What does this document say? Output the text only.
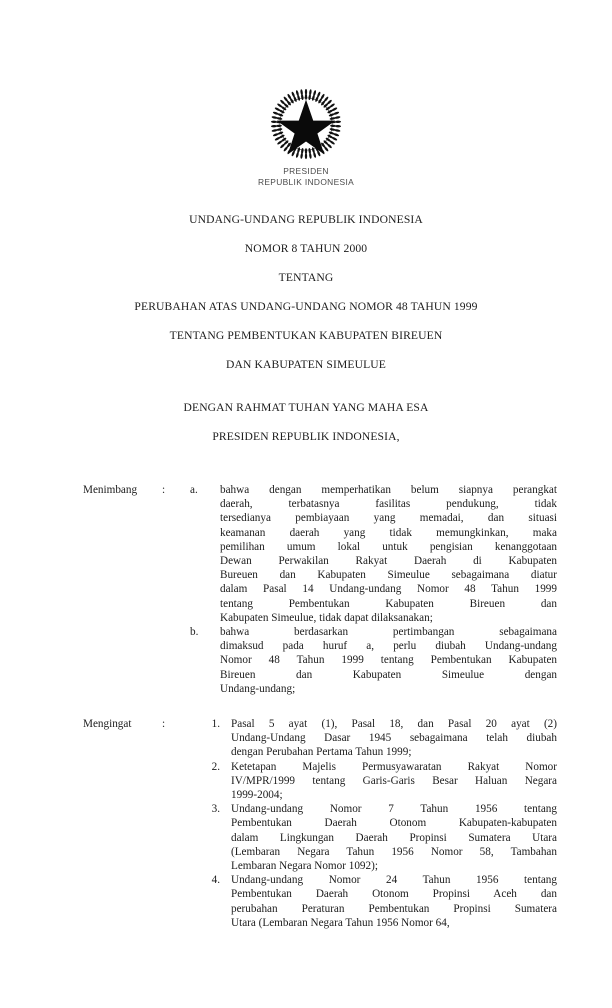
PRESIDEN
REPUBLIK INDONESIA
UNDANG-UNDANG REPUBLIK INDONESIA
NOMOR 8 TAHUN 2000
TENTANG
PERUBAHAN ATAS UNDANG-UNDANG NOMOR 48 TAHUN 1999
TENTANG PEMBENTUKAN KABUPATEN BIREUEN
DAN KABUPATEN SIMEULUE
DENGAN RAHMAT TUHAN YANG MAHA ESA
PRESIDEN REPUBLIK INDONESIA,
Menimbang	:	a.	bahwa dengan memperhatikan belum siapnya perangkat
daerah, terbatasnya fasilitas pendukung, tidak
tersedianya pembiayaan yang memadai, dan situasi
keamanan daerah yang tidak memungkinkan, maka
pemilihan umum lokal untuk pengisian kenanggotaan
Dewan Perwakilan Rakyat Daerah di Kabupaten
Bureuen dan Kabupaten Simeulue sebagaimana diatur
dalam Pasal 14 Undang-undang Nomor 48 Tahun 1999
tentang Pembentukan Kabupaten Bireuen dan
Kabupaten Simeulue, tidak dapat dilaksanakan;
b.	bahwa berdasarkan pertimbangan sebagaimana
dimaksud pada huruf a, perlu diubah Undang-undang
Nomor 48 Tahun 1999 tentang Pembentukan Kabupaten
Bireuen dan Kabupaten Simeulue dengan
Undang-undang;
Mengingat	:	1. Pasal 5 ayat (1), Pasal 18, dan Pasal 20 ayat (2)
Undang-Undang Dasar 1945 sebagaimana telah diubah
dengan Perubahan Pertama Tahun 1999;
2. Ketetapan Majelis Permusyawaratan Rakyat Nomor
IV/MPR/1999 tentang Garis-Garis Besar Haluan Negara
1999-2004;
3. Undang-undang Nomor 7 Tahun 1956 tentang
Pembentukan Daerah Otonom Kabupaten-kabupaten
dalam Lingkungan Daerah Propinsi Sumatera Utara
(Lembaran Negara Tahun 1956 Nomor 58, Tambahan
Lembaran Negara Nomor 1092);
4. Undang-undang Nomor 24 Tahun 1956 tentang
Pembentukan Daerah Otonom Propinsi Aceh dan
perubahan Peraturan Pembentukan Propinsi Sumatera
Utara (Lembaran Negara Tahun 1956 Nomor 64,
